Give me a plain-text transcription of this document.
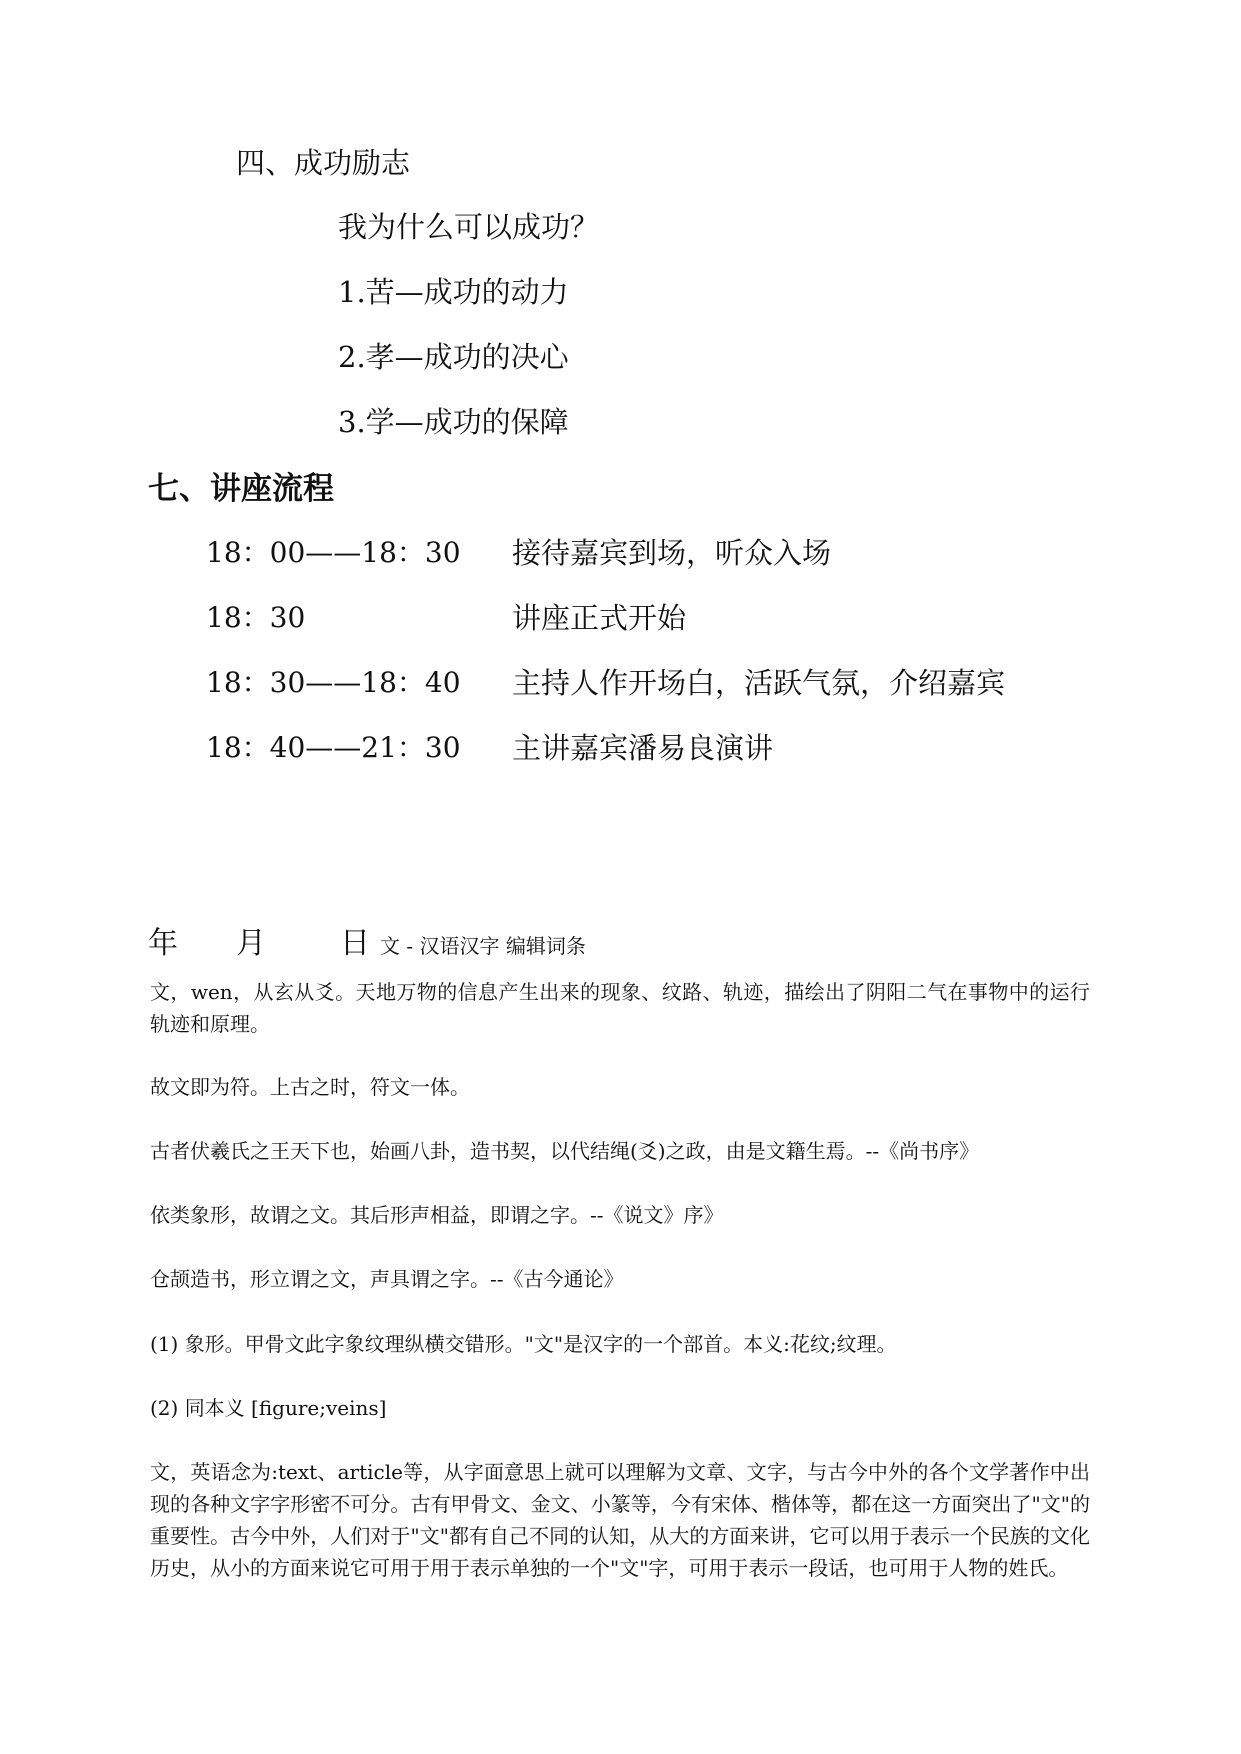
四、成功励志
我为什么可以成功？
1.苦—成功的动力
2.孝—成功的决心
3.学—成功的保障
七、讲座流程
18：00——18：30 接待嘉宾到场，听众入场
18：30	讲座正式开始
18：30——18：40 主持人作开场白，活跃气氛，介绍嘉宾
18：40——21：30 主讲嘉宾潘易良演讲
年 月 日 文 - 汉语汉字 编辑词条
文，wen，从玄从爻。天地万物的信息产生出来的现象、纹路、轨迹，描绘出了阴阳二气在事物中的运行轨迹和原理。
故文即为符。上古之时，符文一体。
古者伏羲氏之王天下也，始画八卦，造书契，以代结绳(爻)之政，由是文籍生焉。--《尚书序》
依类象形，故谓之文。其后形声相益，即谓之字。--《说文》序》
仓颉造书，形立谓之文，声具谓之字。--《古今通论》
(1) 象形。甲骨文此字象纹理纵横交错形。"文"是汉字的一个部首。本义:花纹;纹理。
(2) 同本义 [figure;veins]
文，英语念为:text、article等，从字面意思上就可以理解为文章、文字，与古今中外的各个文学著作中出现的各种文字字形密不可分。古有甲骨文、金文、小篆等，今有宋体、楷体等，都在这一方面突出了"文"的重要性。古今中外，人们对于"文"都有自己不同的认知，从大的方面来讲，它可以用于表示一个民族的文化历史，从小的方面来说它可用于用于表示单独的一个"文"字，可用于表示一段话，也可用于人物的姓氏。
